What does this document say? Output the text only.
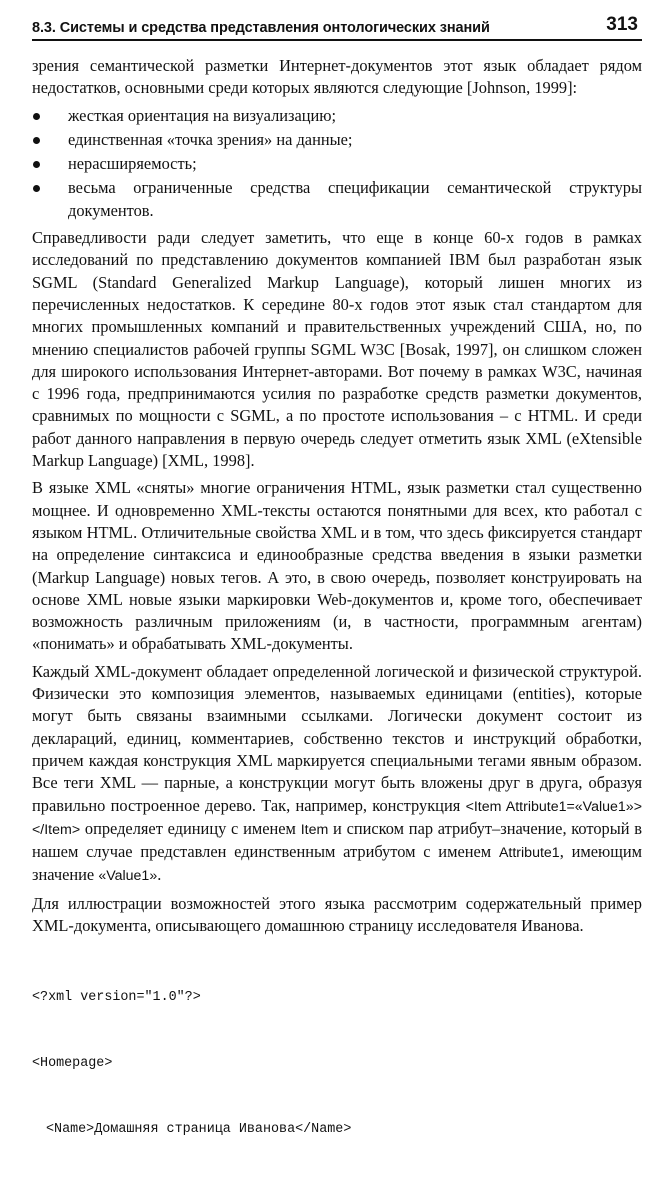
8.3. Системы и средства представления онтологических знаний	313

зрения семантической разметки Интернет-документов этот язык обладает рядом недостатков, основными среди которых являются следующие [Johnson, 1999]:

жесткая ориентация на визуализацию;
единственная «точка зрения» на данные;
нерасширяемость;
весьма ограниченные средства спецификации семантической структуры документов.

Справедливости ради следует заметить, что еще в конце 60-х годов в рамках исследований по представлению документов компанией IBM был разработан язык SGML (Standard Generalized Markup Language), который лишен многих из перечисленных недостатков. К середине 80-х годов этот язык стал стандартом для многих промышленных компаний и правительственных учреждений США, но, по мнению специалистов рабочей группы SGML W3C [Bosak, 1997], он слишком сложен для широкого использования Интернет-авторами. Вот почему в рамках W3C, начиная с 1996 года, предпринимаются усилия по разработке средств разметки документов, сравнимых по мощности с SGML, а по простоте использования – с HTML. И среди работ данного направления в первую очередь следует отметить язык XML (eXtensible Markup Language) [XML, 1998].

В языке XML «сняты» многие ограничения HTML, язык разметки стал существенно мощнее. И одновременно XML-тексты остаются понятными для всех, кто работал с языком HTML. Отличительные свойства XML и в том, что здесь фиксируется стандарт на определение синтаксиса и единообразные средства введения в языки разметки (Markup Language) новых тегов. А это, в свою очередь, позволяет конструировать на основе XML новые языки маркировки Web-документов и, кроме того, обеспечивает возможность различным приложениям (и, в частности, программным агентам) «понимать» и обрабатывать XML-документы.

Каждый XML-документ обладает определенной логической и физической структурой. Физически это композиция элементов, называемых единицами (entities), которые могут быть связаны взаимными ссылками. Логически документ состоит из деклараций, единиц, комментариев, собственно текстов и инструкций обработки, причем каждая конструкция XML маркируется специальными тегами явным образом. Все теги XML — парные, а конструкции могут быть вложены друг в друга, образуя правильно построенное дерево. Так, например, конструкция <Item Attribute1=«Value1»> </Item> определяет единицу с именем Item и списком пар атрибут–значение, который в нашем случае представлен единственным атрибутом с именем Attribute1, имеющим значение «Value1».

Для иллюстрации возможностей этого языка рассмотрим содержательный пример XML-документа, описывающего домашнюю страницу исследователя Иванова.

<?xml version="1.0"?>

<Homepage>

<Name>Домашняя страница Иванова</Name>
